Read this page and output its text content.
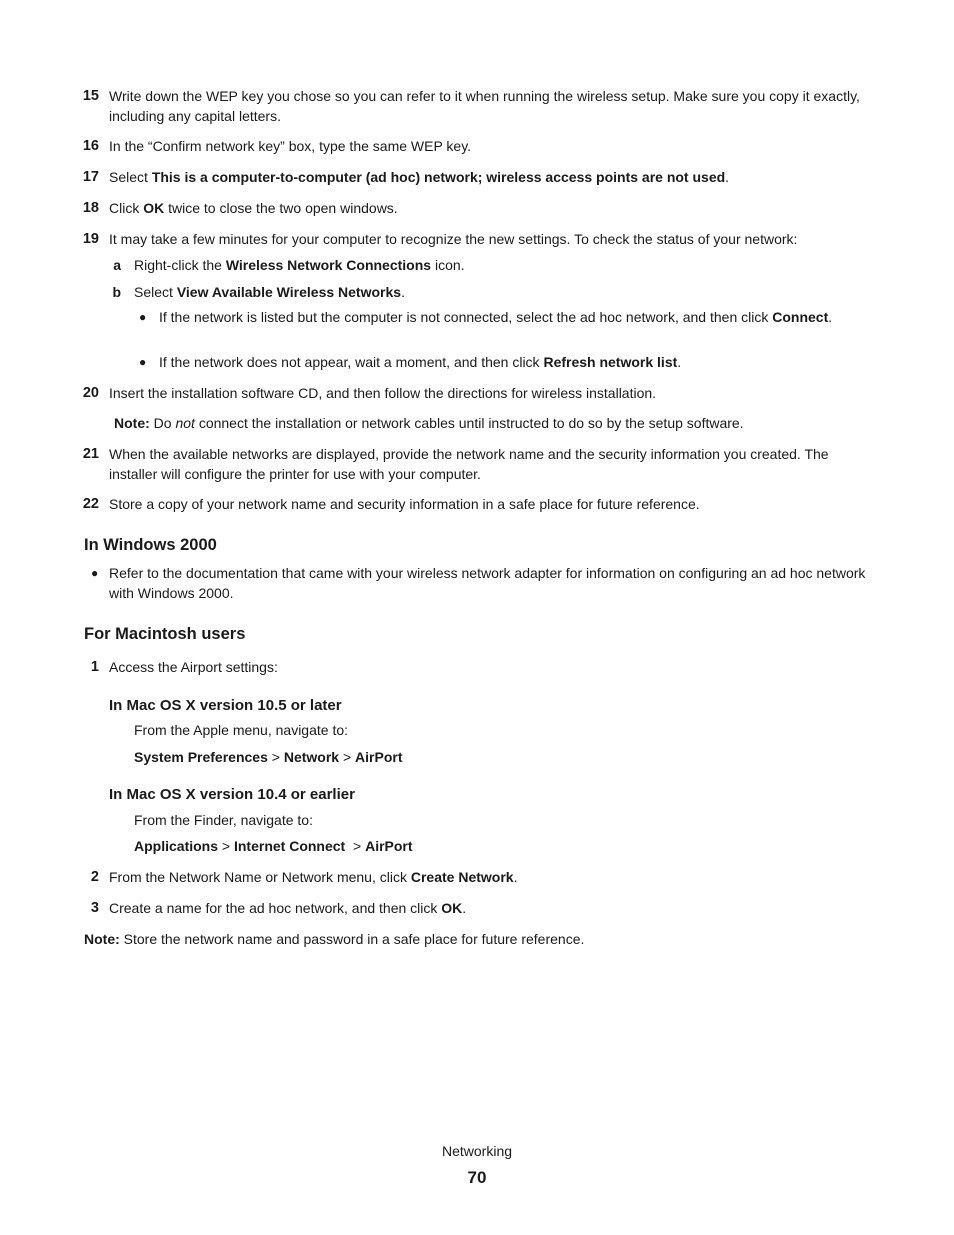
15 Write down the WEP key you chose so you can refer to it when running the wireless setup. Make sure you copy it exactly, including any capital letters.
16 In the “Confirm network key” box, type the same WEP key.
17 Select This is a computer-to-computer (ad hoc) network; wireless access points are not used.
18 Click OK twice to close the two open windows.
19 It may take a few minutes for your computer to recognize the new settings. To check the status of your network:
a Right-click the Wireless Network Connections icon.
b Select View Available Wireless Networks.
● If the network is listed but the computer is not connected, select the ad hoc network, and then click Connect.
● If the network does not appear, wait a moment, and then click Refresh network list.
20 Insert the installation software CD, and then follow the directions for wireless installation.
Note: Do not connect the installation or network cables until instructed to do so by the setup software.
21 When the available networks are displayed, provide the network name and the security information you created. The installer will configure the printer for use with your computer.
22 Store a copy of your network name and security information in a safe place for future reference.
In Windows 2000
● Refer to the documentation that came with your wireless network adapter for information on configuring an ad hoc network with Windows 2000.
For Macintosh users
1 Access the Airport settings:
In Mac OS X version 10.5 or later
From the Apple menu, navigate to:
System Preferences > Network > AirPort
In Mac OS X version 10.4 or earlier
From the Finder, navigate to:
Applications > Internet Connect  > AirPort
2 From the Network Name or Network menu, click Create Network.
3 Create a name for the ad hoc network, and then click OK.
Note: Store the network name and password in a safe place for future reference.
Networking
70
